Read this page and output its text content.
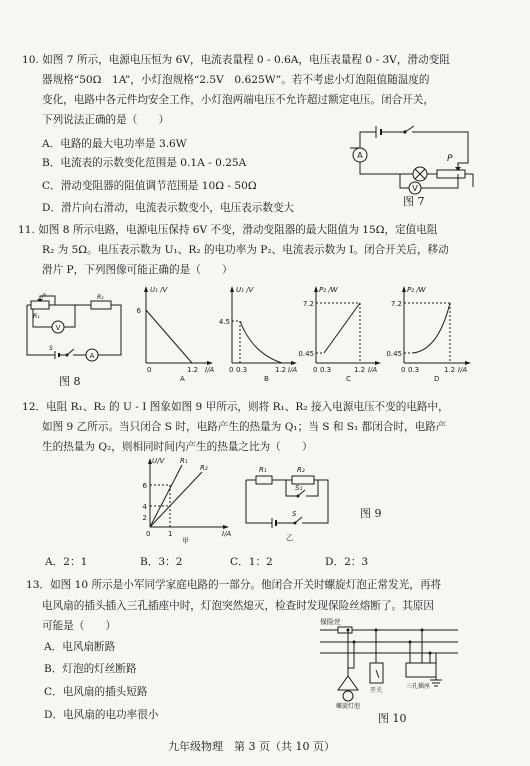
10. 如图 7 所示，电源电压恒为 6V，电流表量程 0 - 0.6A，电压表量程 0 - 3V，滑动变阻
器规格“50Ω　1A”，小灯泡规格“2.5V　0.625W”。若不考虑小灯泡阻值随温度的
变化，电路中各元件均安全工作，小灯泡两端电压不允许超过额定电压。闭合开关，
下列说法正确的是（　　）
A．电路的最大电功率是 3.6W
B．电流表的示数变化范围是 0.1A - 0.25A
C．滑动变阻器的阻值调节范围是 10Ω - 50Ω
D．滑片向右滑动，电流表示数变小，电压表示数变大
A
V
P
图 7
11. 如图 8 所示电路，电源电压保持 6V 不变，滑动变阻器的最大阻值为 15Ω，定值电阻
R₂ 为 5Ω。电压表示数为 U₁、R₂ 的电功率为 P₂、电流表示数为 I。闭合开关后，移动
滑片 P，下列图像可能正确的是（　　）
P
R₁
R₂
V
S
A
图 8
U₁ /V
I/A
6
0	1.2
A
U₁ /V
I/A
4.5
0 0.3	1.2
B
P₂ /W
I/A
7.2
0.45
0 0.3	1.2
C
P₂ /W
I/A
7.2
0.45
0 0.3	1.2
D
12．电阻 R₁、R₂ 的 U - I 图象如图 9 甲所示，则将 R₁、R₂ 接入电源电压不变的电路中，
如图 9 乙所示。当只闭合 S 时，电路产生的热量为 Q₁；当 S 和 S₁ 都闭合时，电路产
生的热量为 Q₂，则相同时间内产生的热量之比为（　　）
U/V
I/A
6
4
2
0	1
R₁
R₂
甲
R₁	R₂
S₁
S
乙
图 9
A．2：1	B．3：2	C．1：2	D．2：3
13．如图 10 所示是小军同学家庭电路的一部分。他闭合开关时螺旋灯泡正常发光，再将
电风扇的插头插入三孔插座中时，灯泡突然熄灭，检查时发现保险丝熔断了。其原因
可能是（　　）
A．电风扇断路
B．灯泡的灯丝断路
C．电风扇的插头短路
D．电风扇的电功率很小
保险丝
螺旋灯泡
开关
三孔插座
图 10
九年级物理　第 3 页（共 10 页）
